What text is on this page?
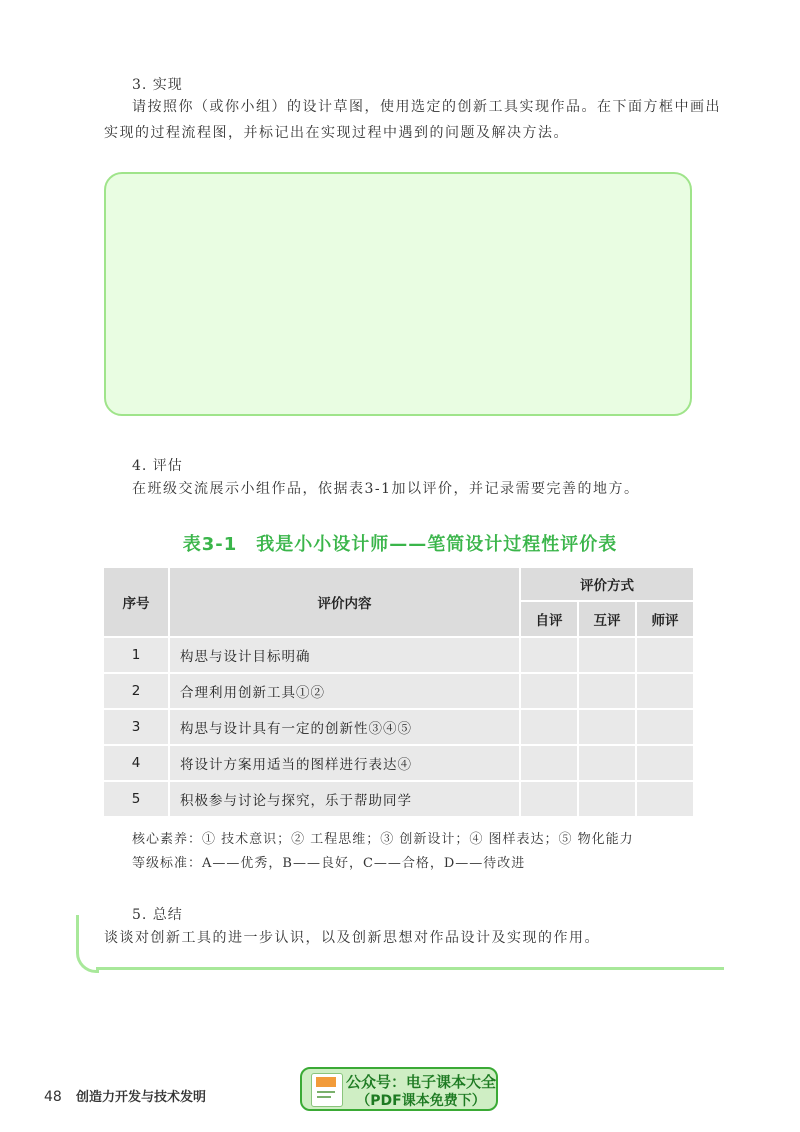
3. 实现
请按照你（或你小组）的设计草图，使用选定的创新工具实现作品。在下面方框中画出
实现的过程流程图，并标记出在实现过程中遇到的问题及解决方法。
4. 评估
在班级交流展示小组作品，依据表3-1加以评价，并记录需要完善的地方。
表3-1　我是小小设计师——笔筒设计过程性评价表
序号	评价内容	评价方式		
		自评	互评	师评
1	构思与设计目标明确			
2	合理利用创新工具①②			
3	构思与设计具有一定的创新性③④⑤			
4	将设计方案用适当的图样进行表达④			
5	积极参与讨论与探究，乐于帮助同学			
核心素养：① 技术意识；② 工程思维；③ 创新设计；④ 图样表达；⑤ 物化能力
等级标准：A——优秀，B——良好，C——合格，D——待改进
5. 总结
谈谈对创新工具的进一步认识，以及创新思想对作品设计及实现的作用。
48 创造力开发与技术发明
公众号：电子课本大全
（PDF课本免费下）
